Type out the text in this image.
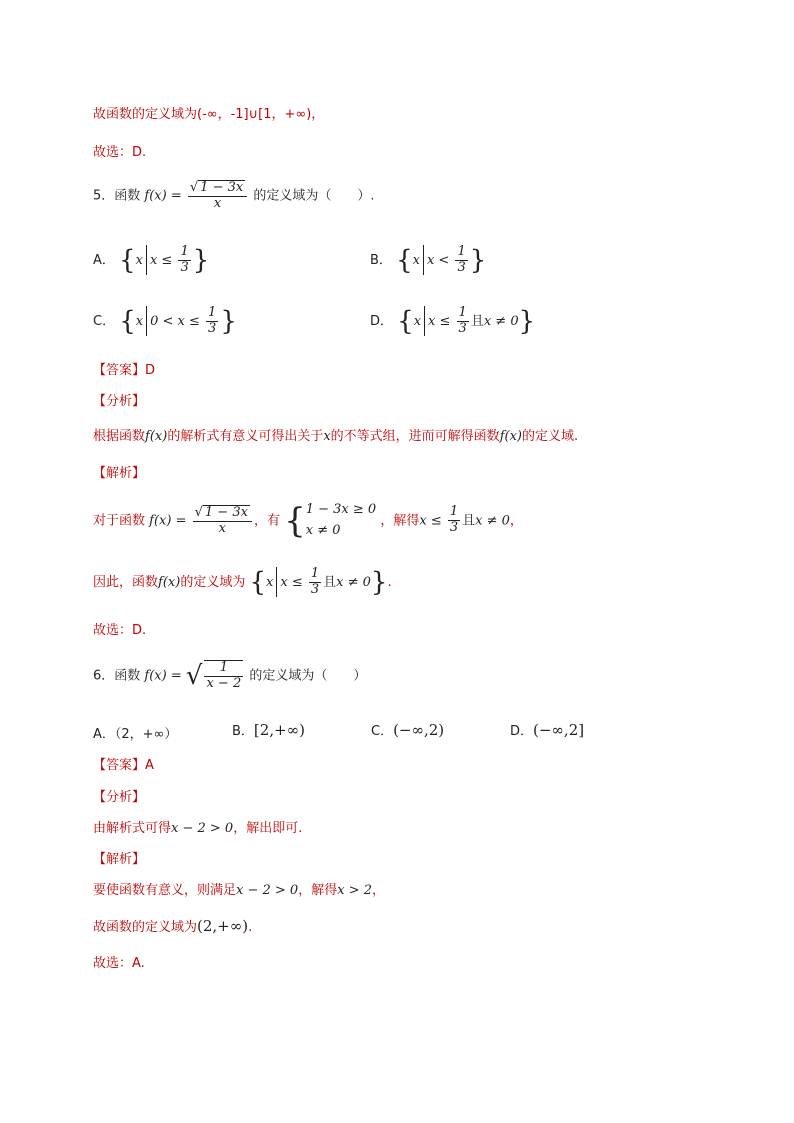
故函数的定义域为(-∞，-1]∪[1，+∞)，
故选：D.
5．函数 $f(x) = \frac{√ 1 - 3x}{x}$ 的定义域为（　　）.
A． {x $x \le \frac{1}{3}$ }	B． {x $x < \frac{1}{3}$ }
C． {x $0 < x \le \frac{1}{3}$ }	D． {x $x \le \frac{1}{3}$ 且x ≠ 0}
【答案】D
【分析】
根据函数f(x)的解析式有意义可得出关于x的不等式组，进而可解得函数f(x)的定义域.
【解析】
对于函数 $f(x) = \frac{√ 1 - 3x}{x}$ ，有 {1 − 3x ≥ 0
x ≠ 0 ，解得$x \le \frac{1}{3}$ 且x ≠ 0，
因此，函数f(x)的定义域为 {x $x \le \frac{1}{3}$ 且x ≠ 0}.
故选：D.
6．函数 f(x) = √ $\frac{1}{x - 2}$ 的定义域为（　　）
A．（2，+∞）	B．[2,+∞)	C．(−∞,2)	D．(−∞,2]
【答案】A
【分析】
由解析式可得x − 2 > 0，解出即可.
【解析】
要使函数有意义，则满足x − 2 > 0，解得x > 2，
故函数的定义域为(2,+∞).
故选：A.
